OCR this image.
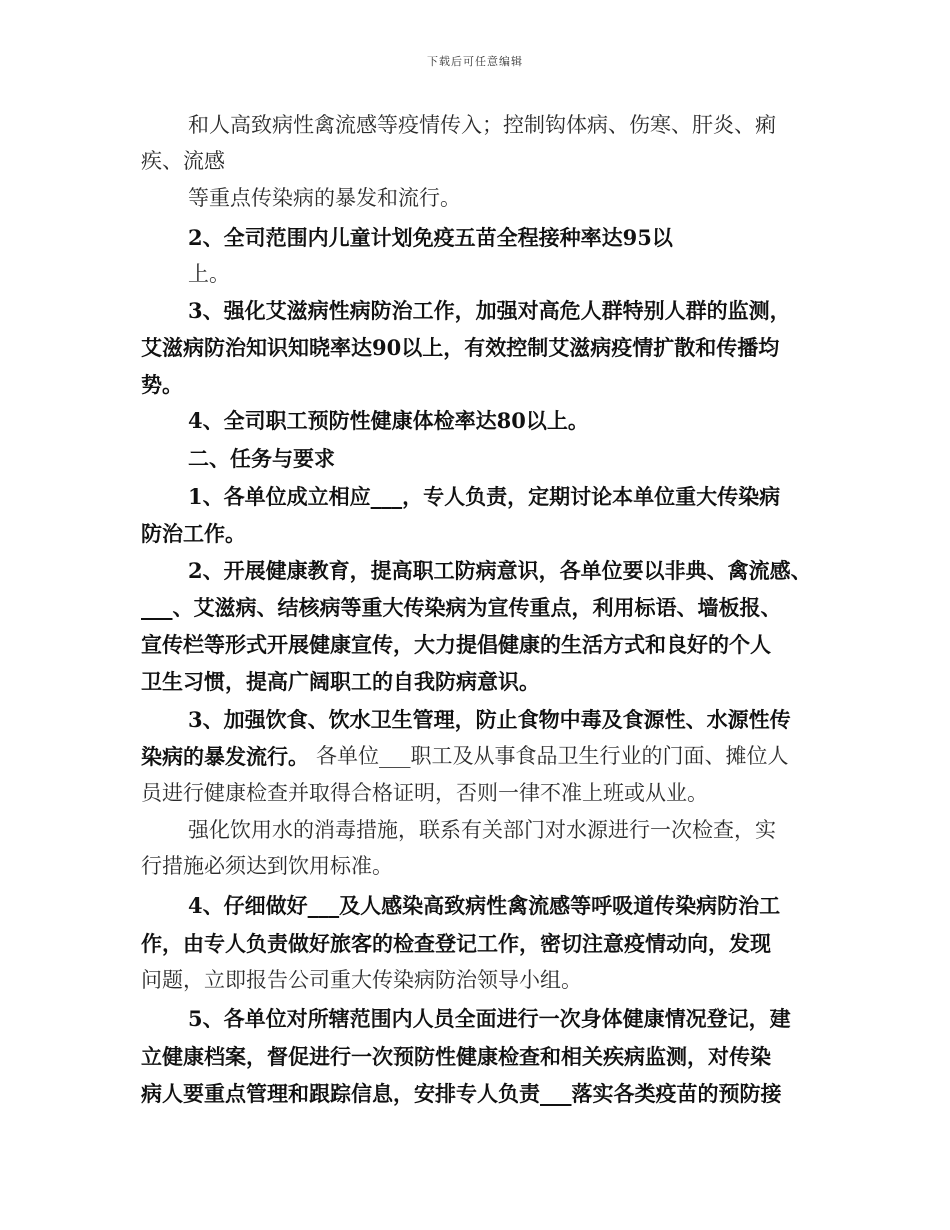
下载后可任意编辑
和人高致病性禽流感等疫情传入；控制钩体病、伤寒、肝炎、痢
疾、流感
等重点传染病的暴发和流行。
2、全司范围内儿童计划免疫五苗全程接种率达95以
上。
3、强化艾滋病性病防治工作，加强对高危人群特别人群的监测，
艾滋病防治知识知晓率达90以上，有效控制艾滋病疫情扩散和传播均
势。
4、全司职工预防性健康体检率达80以上。
二、任务与要求
1、各单位成立相应___，专人负责，定期讨论本单位重大传染病
防治工作。
2、开展健康教育，提高职工防病意识，各单位要以非典、禽流感、
___、艾滋病、结核病等重大传染病为宣传重点，利用标语、墙板报、
宣传栏等形式开展健康宣传，大力提倡健康的生活方式和良好的个人
卫生习惯，提高广阔职工的自我防病意识。
3、加强饮食、饮水卫生管理，防止食物中毒及食源性、水源性传
染病的暴发流行。 各单位___职工及从事食品卫生行业的门面、摊位人
员进行健康检查并取得合格证明，否则一律不准上班或从业。
强化饮用水的消毒措施，联系有关部门对水源进行一次检查，实
行措施必须达到饮用标准。
4、仔细做好___及人感染高致病性禽流感等呼吸道传染病防治工
作，由专人负责做好旅客的检查登记工作，密切注意疫情动向，发现
问题，立即报告公司重大传染病防治领导小组。
5、各单位对所辖范围内人员全面进行一次身体健康情况登记，建
立健康档案，督促进行一次预防性健康检查和相关疾病监测，对传染
病人要重点管理和跟踪信息，安排专人负责___落实各类疫苗的预防接
